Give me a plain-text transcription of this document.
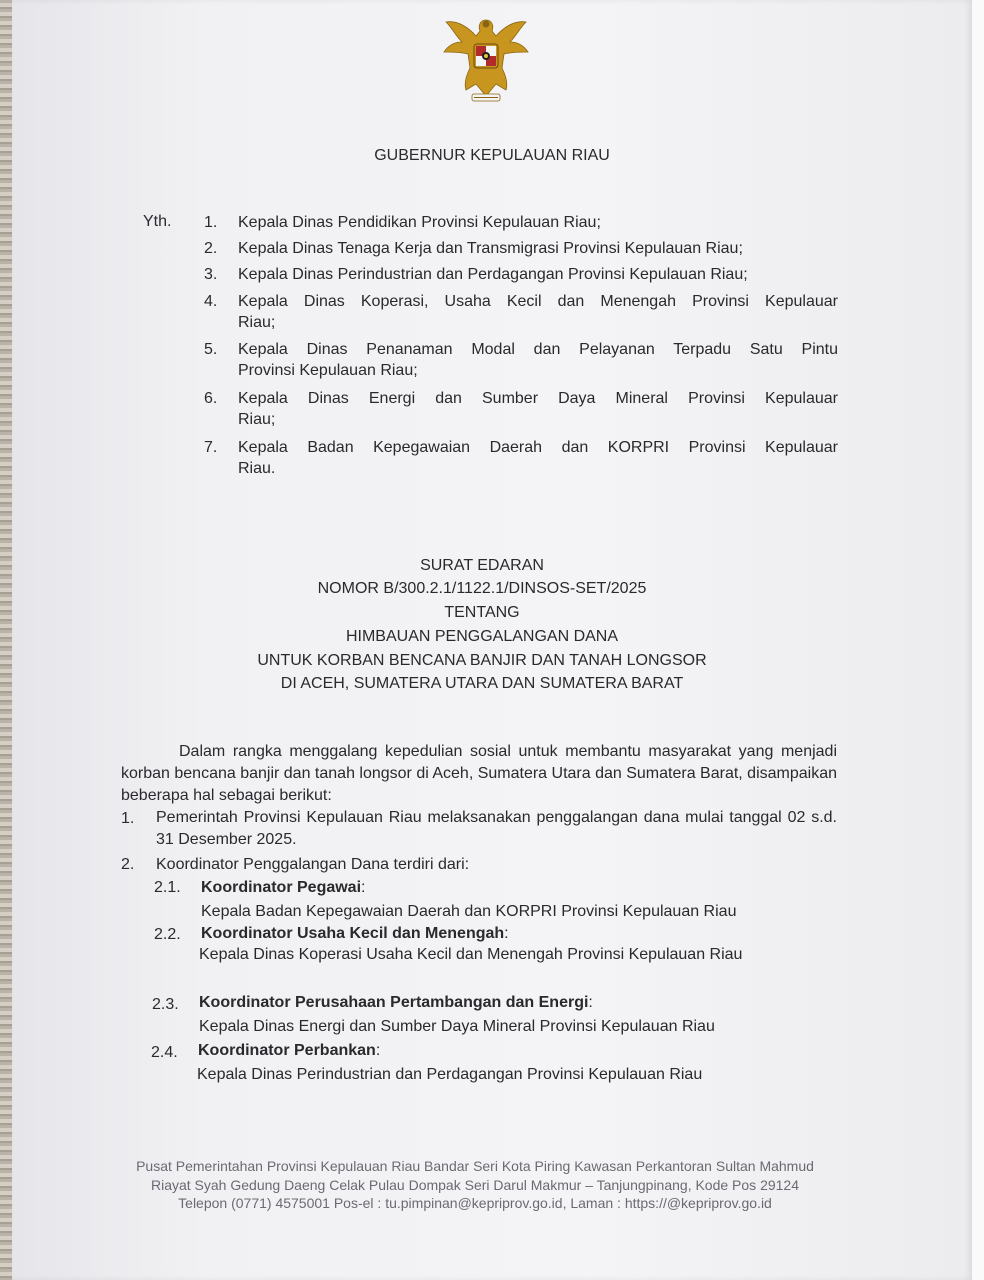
GUBERNUR KEPULAUAN RIAU
Yth. 1.	Kepala Dinas Pendidikan Provinsi Kepulauan Riau;
2.	Kepala Dinas Tenaga Kerja dan Transmigrasi Provinsi Kepulauan Riau;
3.	Kepala Dinas Perindustrian dan Perdagangan Provinsi Kepulauan Riau;
4.	Kepala Dinas Koperasi, Usaha Kecil dan Menengah Provinsi Kepulauar
Riau;
5.	Kepala Dinas Penanaman Modal dan Pelayanan Terpadu Satu Pintu
Provinsi Kepulauan Riau;
6.	Kepala Dinas Energi dan Sumber Daya Mineral Provinsi Kepulauar
Riau;
7.	Kepala Badan Kepegawaian Daerah dan KORPRI Provinsi Kepulauar
Riau.
SURAT EDARAN
NOMOR B/300.2.1/1122.1/DINSOS-SET/2025
TENTANG
HIMBAUAN PENGGALANGAN DANA
UNTUK KORBAN BENCANA BANJIR DAN TANAH LONGSOR
DI ACEH, SUMATERA UTARA DAN SUMATERA BARAT
Dalam rangka menggalang kepedulian sosial untuk membantu masyarakat yang menjadi korban bencana banjir dan tanah longsor di Aceh, Sumatera Utara dan Sumatera Barat, disampaikan beberapa hal sebagai berikut:
1. Pemerintah Provinsi Kepulauan Riau melaksanakan penggalangan dana mulai tanggal 02 s.d. 31 Desember 2025.
2. Koordinator Penggalangan Dana terdiri dari:
2.1. Koordinator Pegawai:
Kepala Badan Kepegawaian Daerah dan KORPRI Provinsi Kepulauan Riau
2.2. Koordinator Usaha Kecil dan Menengah:
Kepala Dinas Koperasi Usaha Kecil dan Menengah Provinsi Kepulauan Riau
2.3. Koordinator Perusahaan Pertambangan dan Energi:
Kepala Dinas Energi dan Sumber Daya Mineral Provinsi Kepulauan Riau
2.4. Koordinator Perbankan:
Kepala Dinas Perindustrian dan Perdagangan Provinsi Kepulauan Riau
Pusat Pemerintahan Provinsi Kepulauan Riau Bandar Seri Kota Piring Kawasan Perkantoran Sultan Mahmud
Riayat Syah Gedung Daeng Celak Pulau Dompak Seri Darul Makmur – Tanjungpinang, Kode Pos 29124
Telepon (0771) 4575001 Pos-el : tu.pimpinan@kepriprov.go.id, Laman : https://@kepriprov.go.id
